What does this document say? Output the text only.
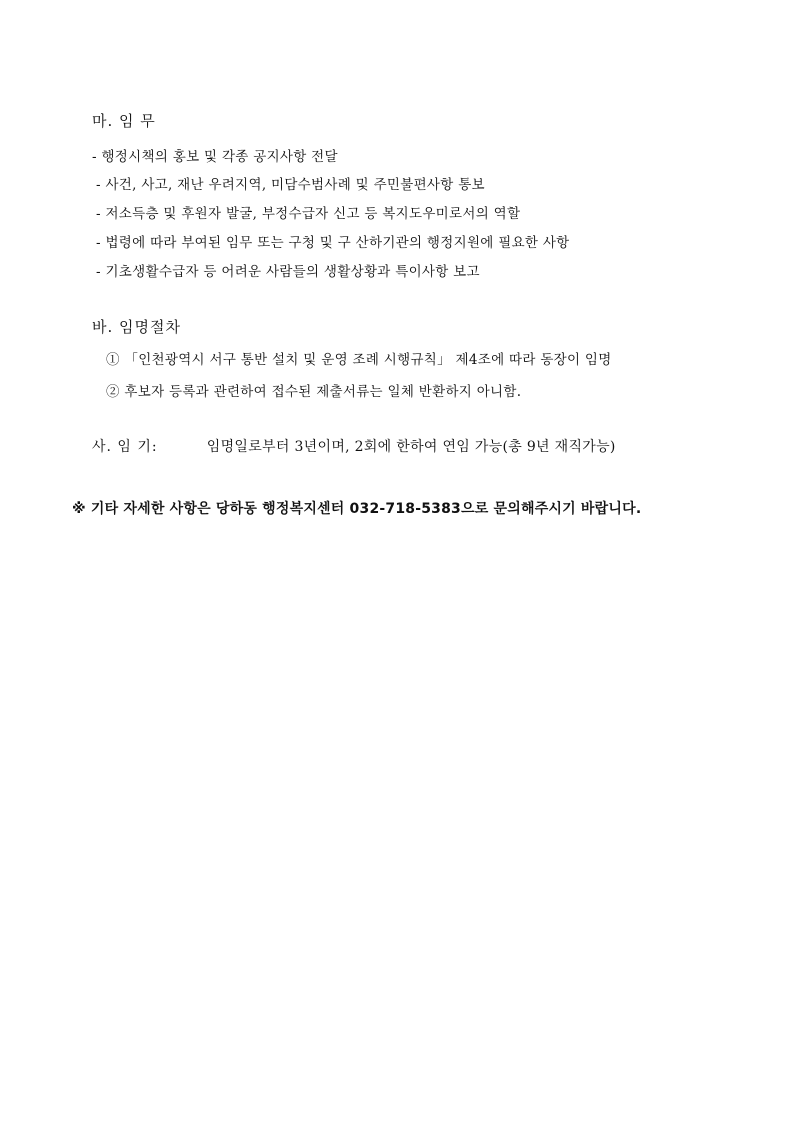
마. 임 무
- 행정시책의 홍보 및 각종 공지사항 전달
- 사건, 사고, 재난 우려지역, 미담수범사례 및 주민불편사항 통보
- 저소득층 및 후원자 발굴, 부정수급자 신고 등 복지도우미로서의 역할
- 법령에 따라 부여된 임무 또는 구청 및 구 산하기관의 행정지원에 필요한 사항
- 기초생활수급자 등 어려운 사람들의 생활상황과 특이사항 보고
바. 임명절차
① 「인천광역시 서구 통반 설치 및 운영 조례 시행규칙」 제4조에 따라 동장이 임명
② 후보자 등록과 관련하여 접수된 제출서류는 일체 반환하지 아니함.
사. 임 기:	임명일로부터 3년이며, 2회에 한하여 연임 가능(총 9년 재직가능)
※ 기타 자세한 사항은 당하동 행정복지센터 032-718-5383으로 문의해주시기 바랍니다.
